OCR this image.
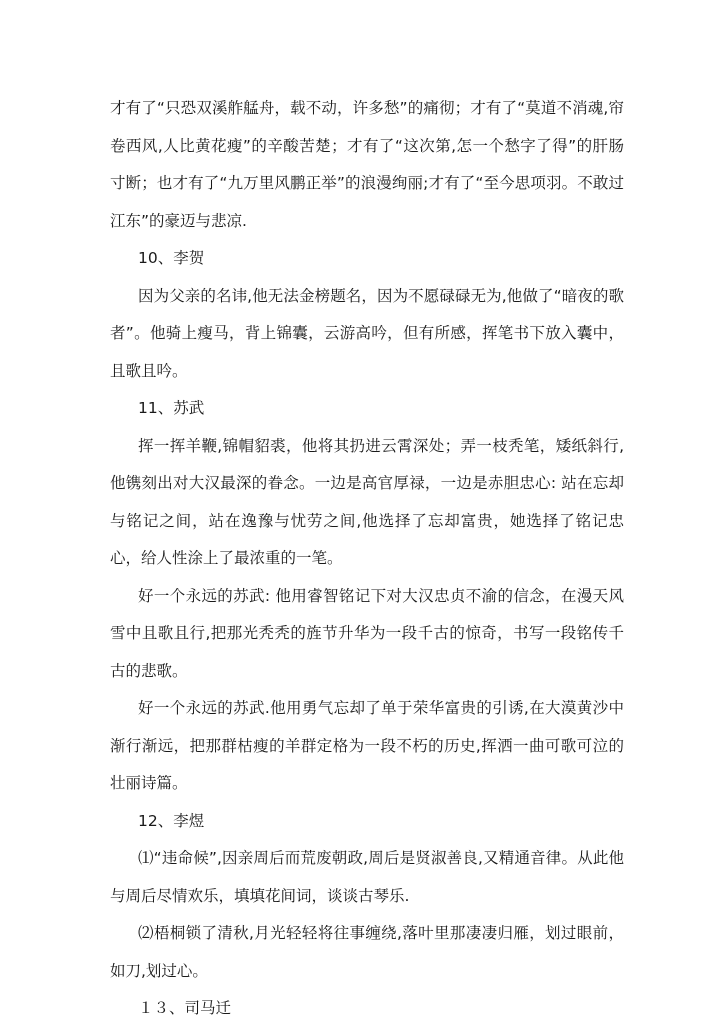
才有了“只恐双溪舴艋舟，载不动，许多愁”的痛彻；才有了“莫道不消魂,帘卷西风,人比黄花瘦”的辛酸苦楚；才有了“这次第,怎一个愁字了得”的肝肠寸断；也才有了“九万里风鹏正举”的浪漫绚丽;才有了“至今思项羽。不敢过江东”的豪迈与悲凉.

10、李贺

因为父亲的名讳,他无法金榜题名，因为不愿碌碌无为,他做了“暗夜的歌者”。他骑上瘦马，背上锦囊，云游高吟，但有所感，挥笔书下放入囊中，且歌且吟。

11、苏武

挥一挥羊鞭,锦帽貂裘，他将其扔进云霄深处；弄一枝秃笔，矮纸斜行,他镌刻出对大汉最深的眷念。一边是高官厚禄，一边是赤胆忠心: 站在忘却与铭记之间，站在逸豫与忧劳之间,他选择了忘却富贵，她选择了铭记忠心，给人性涂上了最浓重的一笔。

好一个永远的苏武: 他用睿智铭记下对大汉忠贞不渝的信念，在漫天风雪中且歌且行,把那光秃秃的旌节升华为一段千古的惊奇，书写一段铭传千古的悲歌。

好一个永远的苏武.他用勇气忘却了单于荣华富贵的引诱,在大漠黄沙中渐行渐远，把那群枯瘦的羊群定格为一段不朽的历史,挥洒一曲可歌可泣的壮丽诗篇。

12、李煜

⑴“违命候”,因亲周后而荒废朝政,周后是贤淑善良,又精通音律。从此他与周后尽情欢乐，填填花间词，谈谈古琴乐.

⑵梧桐锁了清秋,月光轻轻将往事缠绕,落叶里那凄凄归雁，划过眼前，如刀,划过心。

１３、司马迁
